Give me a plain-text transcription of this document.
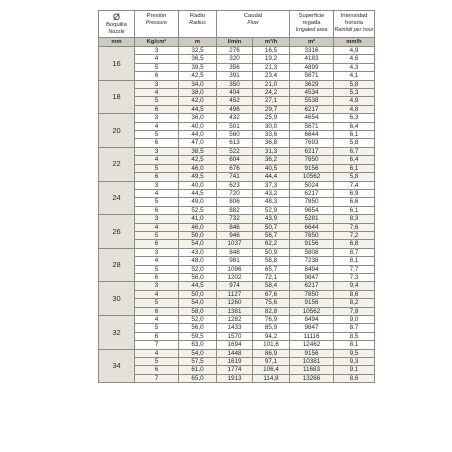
Ø
Boquilla
Nozzle	Presión
Pressure	Radio
Radius	Caudal
Flow		Superficie regada
Irrigated area	Intensidad horaria
Rainfall per hour

mm	Kg/cm²	m	l/min	m³/h	m²	mm/h
16	3	32,5	276	16,5	3316	4,9
	4	36,5	320	19,2	4183	4,6
	5	39,5	356	21,3	4899	4,3
	6	42,5	391	23,4	5671	4,1
18	3	34,0	350	21,0	3629	5,8
	4	38,0	404	24,2	4534	5,3
	5	42,0	452	27,1	5538	4,9
	6	44,5	496	29,7	6217	4,8
20	3	36,0	432	25,9	4654	6,3
	4	40,0	501	30,0	5671	6,4
	5	44,0	560	33,6	6644	6,1
	6	47,0	613	36,8	7693	5,8
22	3	38,5	522	31,3	6217	6,7
	4	42,5	604	36,2	7850	6,4
	5	46,0	676	40,5	9156	6,1
	6	49,5	741	44,4	10562	5,8
24	3	40,0	623	37,3	5024	7,4
	4	44,5	720	43,2	6217	6,9
	5	49,0	806	48,3	7850	6,6
	6	52,5	882	52,9	9654	6,1
26	3	41,0	732	43,9	5281	8,3
	4	46,0	846	50,7	6644	7,6
	5	50,0	946	56,7	7850	7,2
	6	54,0	1037	62,2	9156	6,8
28	3	43,0	848	50,9	5808	8,7
	4	48,0	981	58,8	7238	8,1
	5	52,0	1096	65,7	8494	7,7
	6	56,0	1202	72,1	9847	7,3
30	3	44,5	974	58,4	6217	9,4
	4	50,0	1127	67,6	7850	8,6
	5	54,0	1260	75,6	9156	8,2
	6	58,0	1381	82,8	10562	7,8
32	4	52,0	1282	76,9	8494	9,0
	5	56,0	1433	85,9	9847	8,7
	6	59,5	1570	94,2	11116	8,5
	7	63,0	1694	101,6	12462	8,1
34	4	54,0	1448	86,9	9156	9,5
	5	57,5	1619	97,1	10381	9,3
	6	61,0	1774	106,4	11683	9,1
	7	65,0	1913	114,8	13266	8,6
